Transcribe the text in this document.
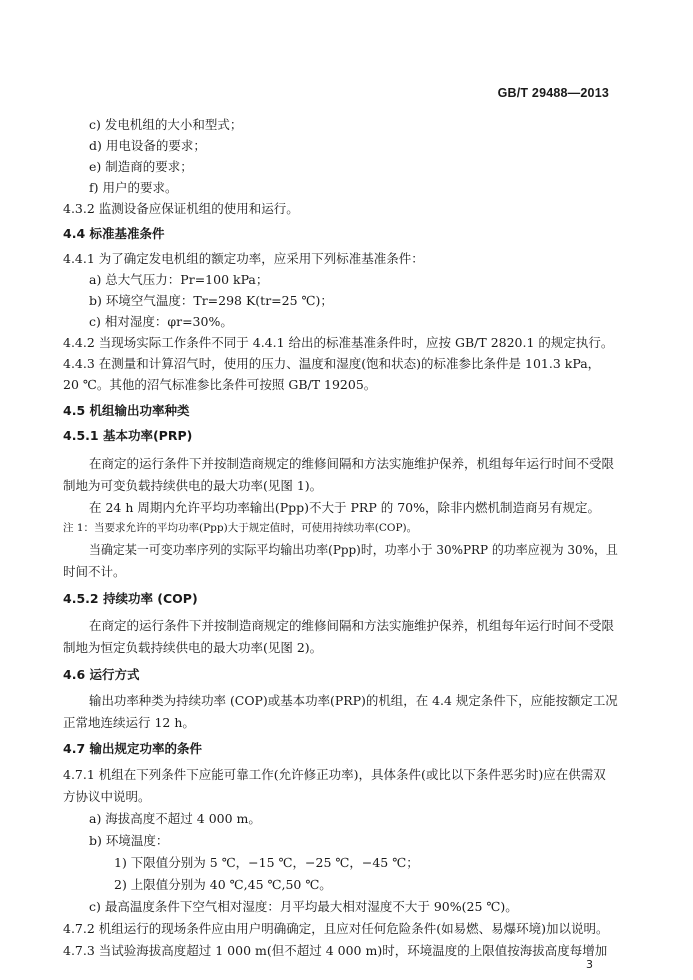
GB/T 29488—2013
c) 发电机组的大小和型式；
d) 用电设备的要求；
e) 制造商的要求；
f) 用户的要求。
4.3.2 监测设备应保证机组的使用和运行。
4.4 标准基准条件
4.4.1 为了确定发电机组的额定功率，应采用下列标准基准条件：
a) 总大气压力：Pr=100 kPa；
b) 环境空气温度：Tr=298 K(tr=25 ℃)；
c) 相对湿度：φr=30%。
4.4.2 当现场实际工作条件不同于 4.4.1 给出的标准基准条件时，应按 GB/T 2820.1 的规定执行。
4.4.3 在测量和计算沼气时，使用的压力、温度和湿度(饱和状态)的标准参比条件是 101.3 kPa，
20 ℃。其他的沼气标准参比条件可按照 GB/T 19205。
4.5 机组输出功率种类
4.5.1 基本功率(PRP)
在商定的运行条件下并按制造商规定的维修间隔和方法实施维护保养，机组每年运行时间不受限
制地为可变负载持续供电的最大功率(见图 1)。
在 24 h 周期内允许平均功率输出(Ppp)不大于 PRP 的 70%，除非内燃机制造商另有规定。
注 1：当要求允许的平均功率(Ppp)大于规定值时，可使用持续功率(COP)。
当确定某一可变功率序列的实际平均输出功率(Ppp)时，功率小于 30%PRP 的功率应视为 30%，且
时间不计。
4.5.2 持续功率 (COP)
在商定的运行条件下并按制造商规定的维修间隔和方法实施维护保养，机组每年运行时间不受限
制地为恒定负载持续供电的最大功率(见图 2)。
4.6 运行方式
输出功率种类为持续功率 (COP)或基本功率(PRP)的机组，在 4.4 规定条件下，应能按额定工况
正常地连续运行 12 h。
4.7 输出规定功率的条件
4.7.1 机组在下列条件下应能可靠工作(允许修正功率)，具体条件(或比以下条件恶劣时)应在供需双
方协议中说明。
a) 海拔高度不超过 4 000 m。
b) 环境温度：
1) 下限值分别为 5 ℃，−15 ℃，−25 ℃，−45 ℃；
2) 上限值分别为 40 ℃,45 ℃,50 ℃。
c) 最高温度条件下空气相对湿度：月平均最大相对湿度不大于 90%(25 ℃)。
4.7.2 机组运行的现场条件应由用户明确确定，且应对任何危险条件(如易燃、易爆环境)加以说明。
4.7.3 当试验海拔高度超过 1 000 m(但不超过 4 000 m)时，环境温度的上限值按海拔高度每增加
3
